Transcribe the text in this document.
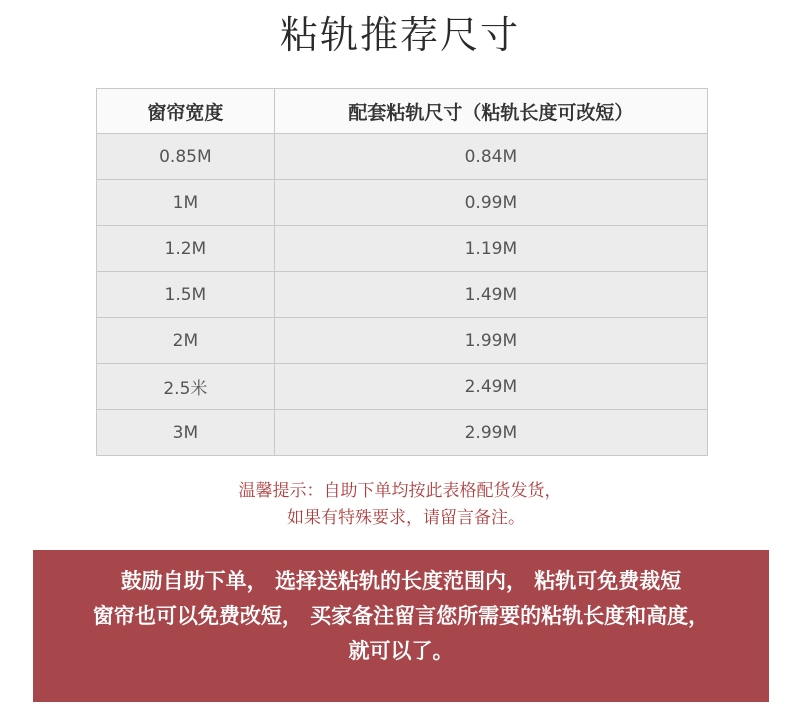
粘轨推荐尺寸
窗帘宽度	配套粘轨尺寸（粘轨长度可改短）
0.85M	0.84M
1M	0.99M
1.2M	1.19M
1.5M	1.49M
2M	1.99M
2.5米	2.49M
3M	2.99M
温馨提示：自助下单均按此表格配货发货，
如果有特殊要求，请留言备注。
鼓励自助下单， 选择送粘轨的长度范围内， 粘轨可免费裁短
窗帘也可以免费改短， 买家备注留言您所需要的粘轨长度和高度，
就可以了。
